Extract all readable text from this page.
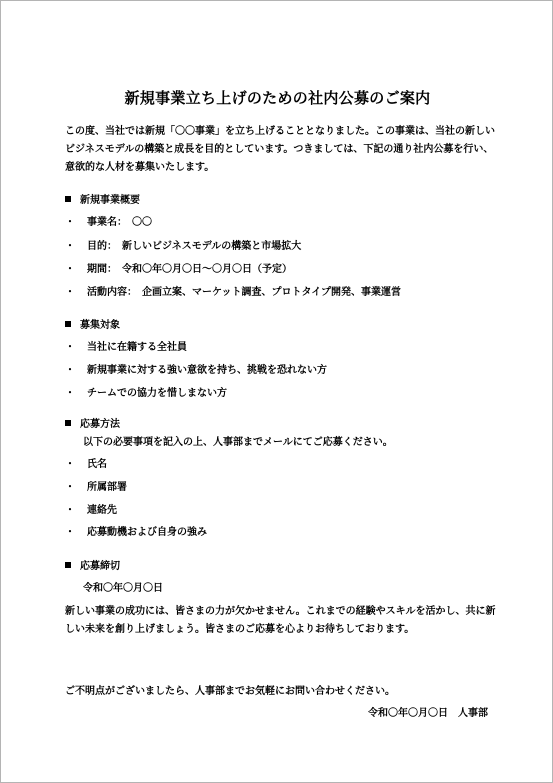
新規事業立ち上げのための社内公募のご案内
この度、当社では新規「〇〇事業」を立ち上げることとなりました。この事業は、当社の新しいビジネスモデルの構築と成長を目的としています。つきましては、下記の通り社内公募を行い、意欲的な人材を募集いたします。
新規事業概要
・ 事業名：　〇〇
・ 目的：　新しいビジネスモデルの構築と市場拡大
・ 期間：　令和〇年〇月〇日～〇月〇日（予定）
・ 活動内容：　企画立案、マーケット調査、プロトタイプ開発、事業運営
募集対象
・ 当社に在籍する全社員
・ 新規事業に対する強い意欲を持ち、挑戦を恐れない方
・ チームでの協力を惜しまない方
応募方法
以下の必要事項を記入の上、人事部までメールにてご応募ください。
・ 氏名
・ 所属部署
・ 連絡先
・ 応募動機および自身の強み
応募締切
令和〇年〇月〇日
新しい事業の成功には、皆さまの力が欠かせません。これまでの経験やスキルを活かし、共に新しい未来を創り上げましょう。皆さまのご応募を心よりお待ちしております。
ご不明点がございましたら、人事部までお気軽にお問い合わせください。
令和〇年〇月〇日　人事部
